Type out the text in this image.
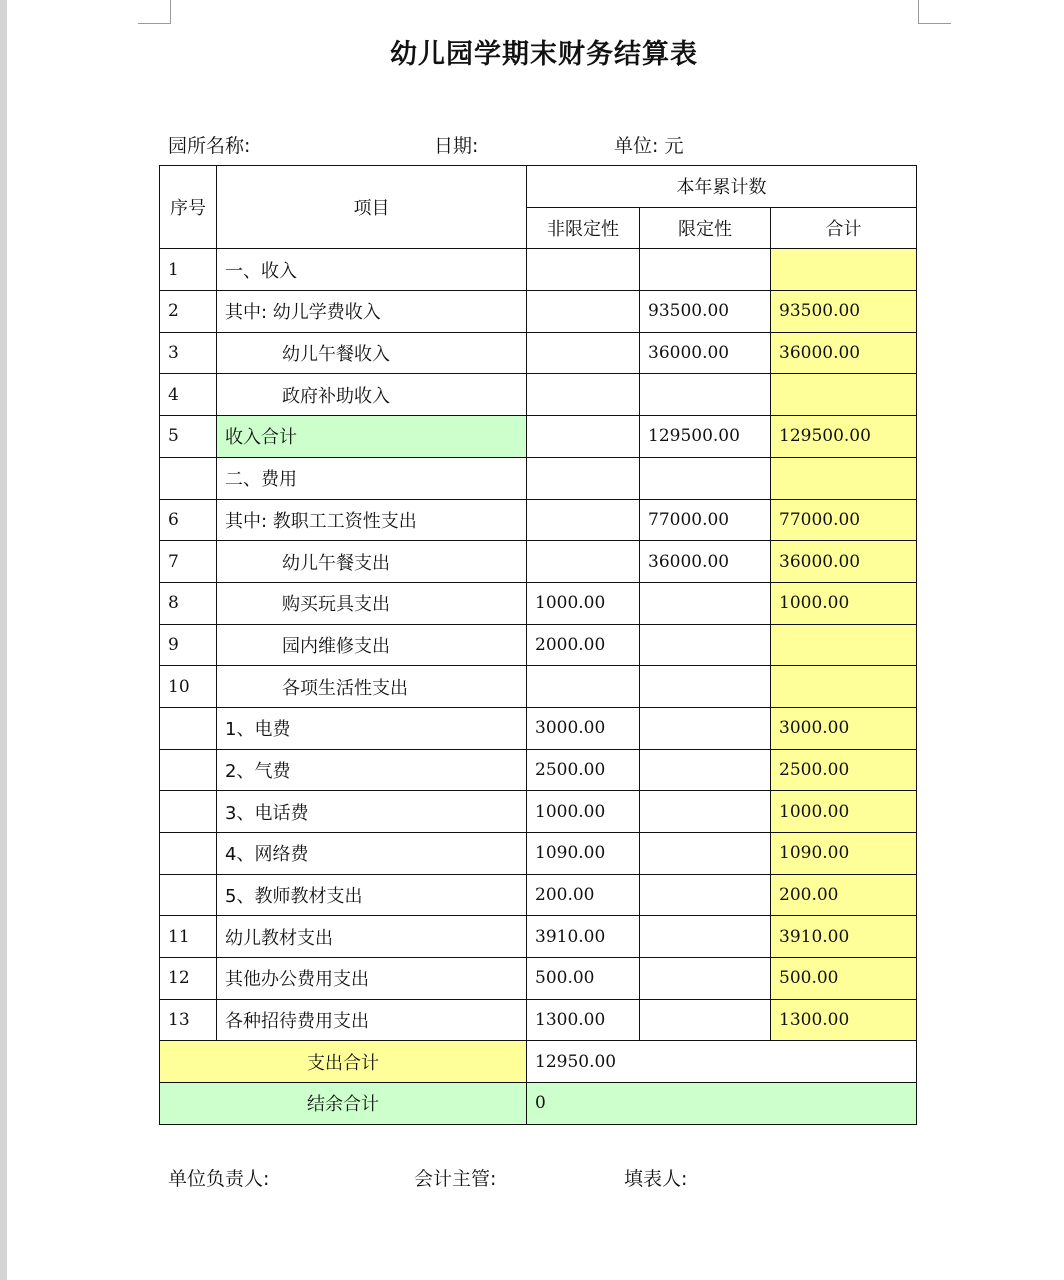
幼儿园学期末财务结算表
园所名称:	日期:	单位: 元
序号	项目	本年累计数		
		非限定性	限定性	合计
1	一、收入			
2	其中: 幼儿学费收入		93500.00	93500.00
3	幼儿午餐收入		36000.00	36000.00
4	政府补助收入			
5	收入合计		129500.00	129500.00
	二、费用			
6	其中: 教职工工资性支出		77000.00	77000.00
7	幼儿午餐支出		36000.00	36000.00
8	购买玩具支出	1000.00		1000.00
9	园内维修支出	2000.00		
10	各项生活性支出			
	1、电费	3000.00		3000.00
	2、气费	2500.00		2500.00
	3、电话费	1000.00		1000.00
	4、网络费	1090.00		1090.00
	5、教师教材支出	200.00		200.00
11	幼儿教材支出	3910.00		3910.00
12	其他办公费用支出	500.00		500.00
13	各种招待费用支出	1300.00		1300.00
支出合计		12950.00		
结余合计		0		
单位负责人:	会计主管:	填表人:
